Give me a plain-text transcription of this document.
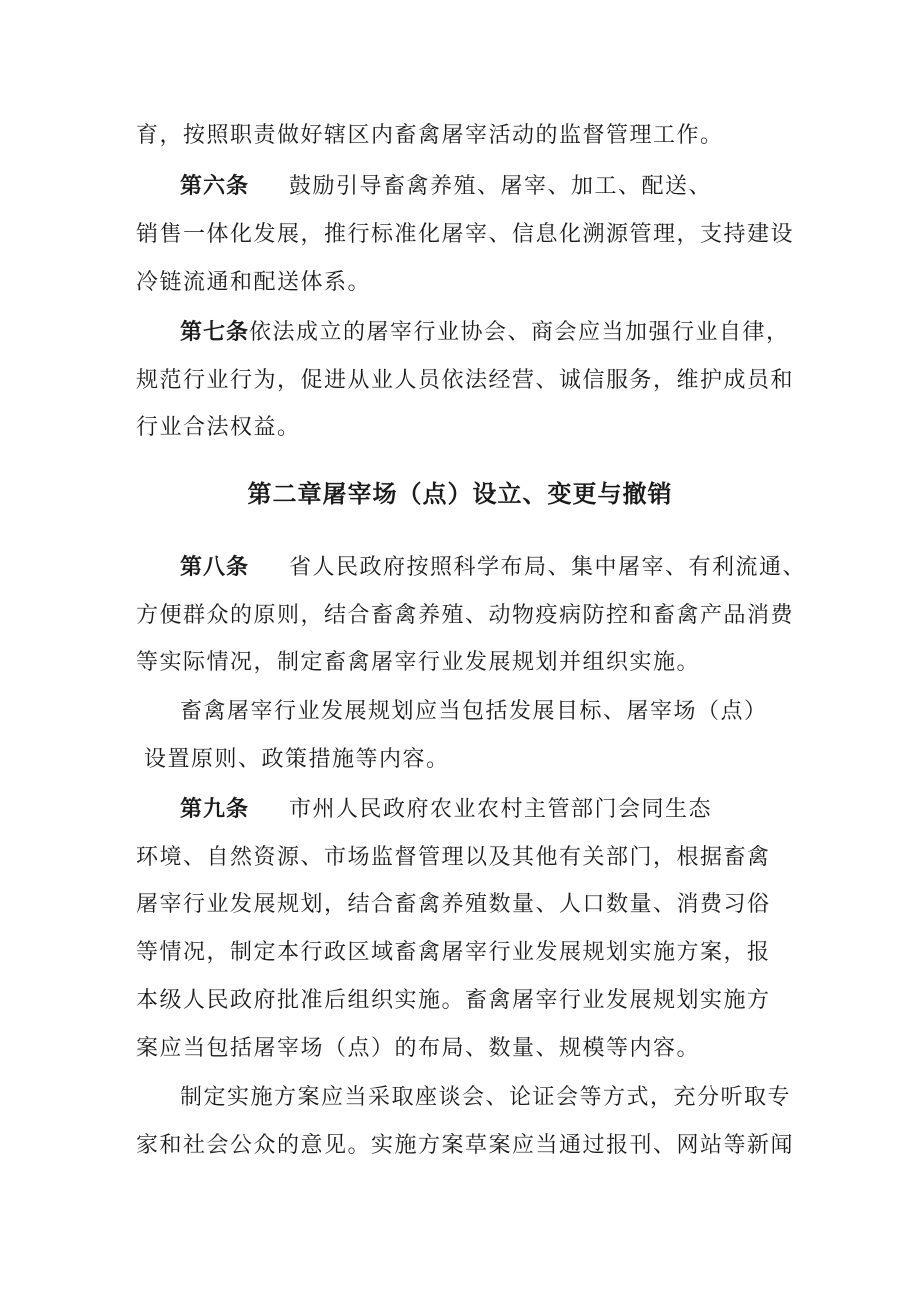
育，按照职责做好辖区内畜禽屠宰活动的监督管理工作。
第六条 鼓励引导畜禽养殖、屠宰、加工、配送、
销售一体化发展，推行标准化屠宰、信息化溯源管理，支持建设
冷链流通和配送体系。
第七条依法成立的屠宰行业协会、商会应当加强行业自律，
规范行业行为，促进从业人员依法经营、诚信服务，维护成员和
行业合法权益。
第二章屠宰场（点）设立、变更与撤销
第八条 省人民政府按照科学布局、集中屠宰、有利流通、
方便群众的原则，结合畜禽养殖、动物疫病防控和畜禽产品消费
等实际情况，制定畜禽屠宰行业发展规划并组织实施。
畜禽屠宰行业发展规划应当包括发展目标、屠宰场（点）
设置原则、政策措施等内容。
第九条 市州人民政府农业农村主管部门会同生态
环境、自然资源、市场监督管理以及其他有关部门，根据畜禽
屠宰行业发展规划，结合畜禽养殖数量、人口数量、消费习俗
等情况，制定本行政区域畜禽屠宰行业发展规划实施方案，报
本级人民政府批准后组织实施。畜禽屠宰行业发展规划实施方
案应当包括屠宰场（点）的布局、数量、规模等内容。
制定实施方案应当采取座谈会、论证会等方式，充分听取专
家和社会公众的意见。实施方案草案应当通过报刊、网站等新闻
